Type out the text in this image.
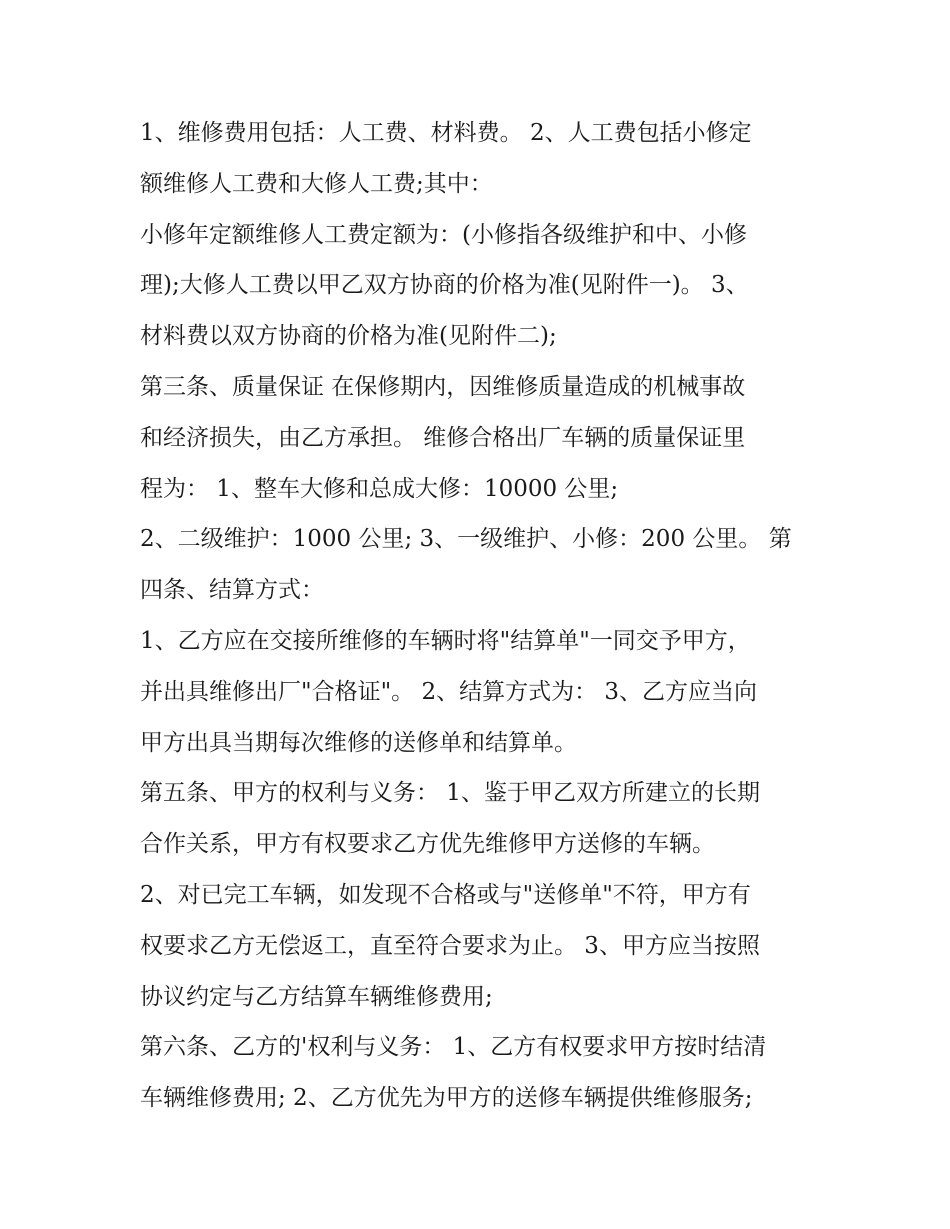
1、维修费用包括：人工费、材料费。 2、人工费包括小修定
额维修人工费和大修人工费;其中：
小修年定额维修人工费定额为：(小修指各级维护和中、小修
理);大修人工费以甲乙双方协商的价格为准(见附件一)。 3、
材料费以双方协商的价格为准(见附件二);
第三条、质量保证 在保修期内，因维修质量造成的机械事故
和经济损失，由乙方承担。 维修合格出厂车辆的质量保证里
程为： 1、整车大修和总成大修：10000 公里;
2、二级维护：1000 公里; 3、一级维护、小修：200 公里。 第
四条、结算方式：
1、乙方应在交接所维修的车辆时将"结算单"一同交予甲方，
并出具维修出厂"合格证"。 2、结算方式为： 3、乙方应当向
甲方出具当期每次维修的送修单和结算单。
第五条、甲方的权利与义务： 1、鉴于甲乙双方所建立的长期
合作关系，甲方有权要求乙方优先维修甲方送修的车辆。
2、对已完工车辆，如发现不合格或与"送修单"不符，甲方有
权要求乙方无偿返工，直至符合要求为止。 3、甲方应当按照
协议约定与乙方结算车辆维修费用;
第六条、乙方的'权利与义务： 1、乙方有权要求甲方按时结清
车辆维修费用; 2、乙方优先为甲方的送修车辆提供维修服务;
